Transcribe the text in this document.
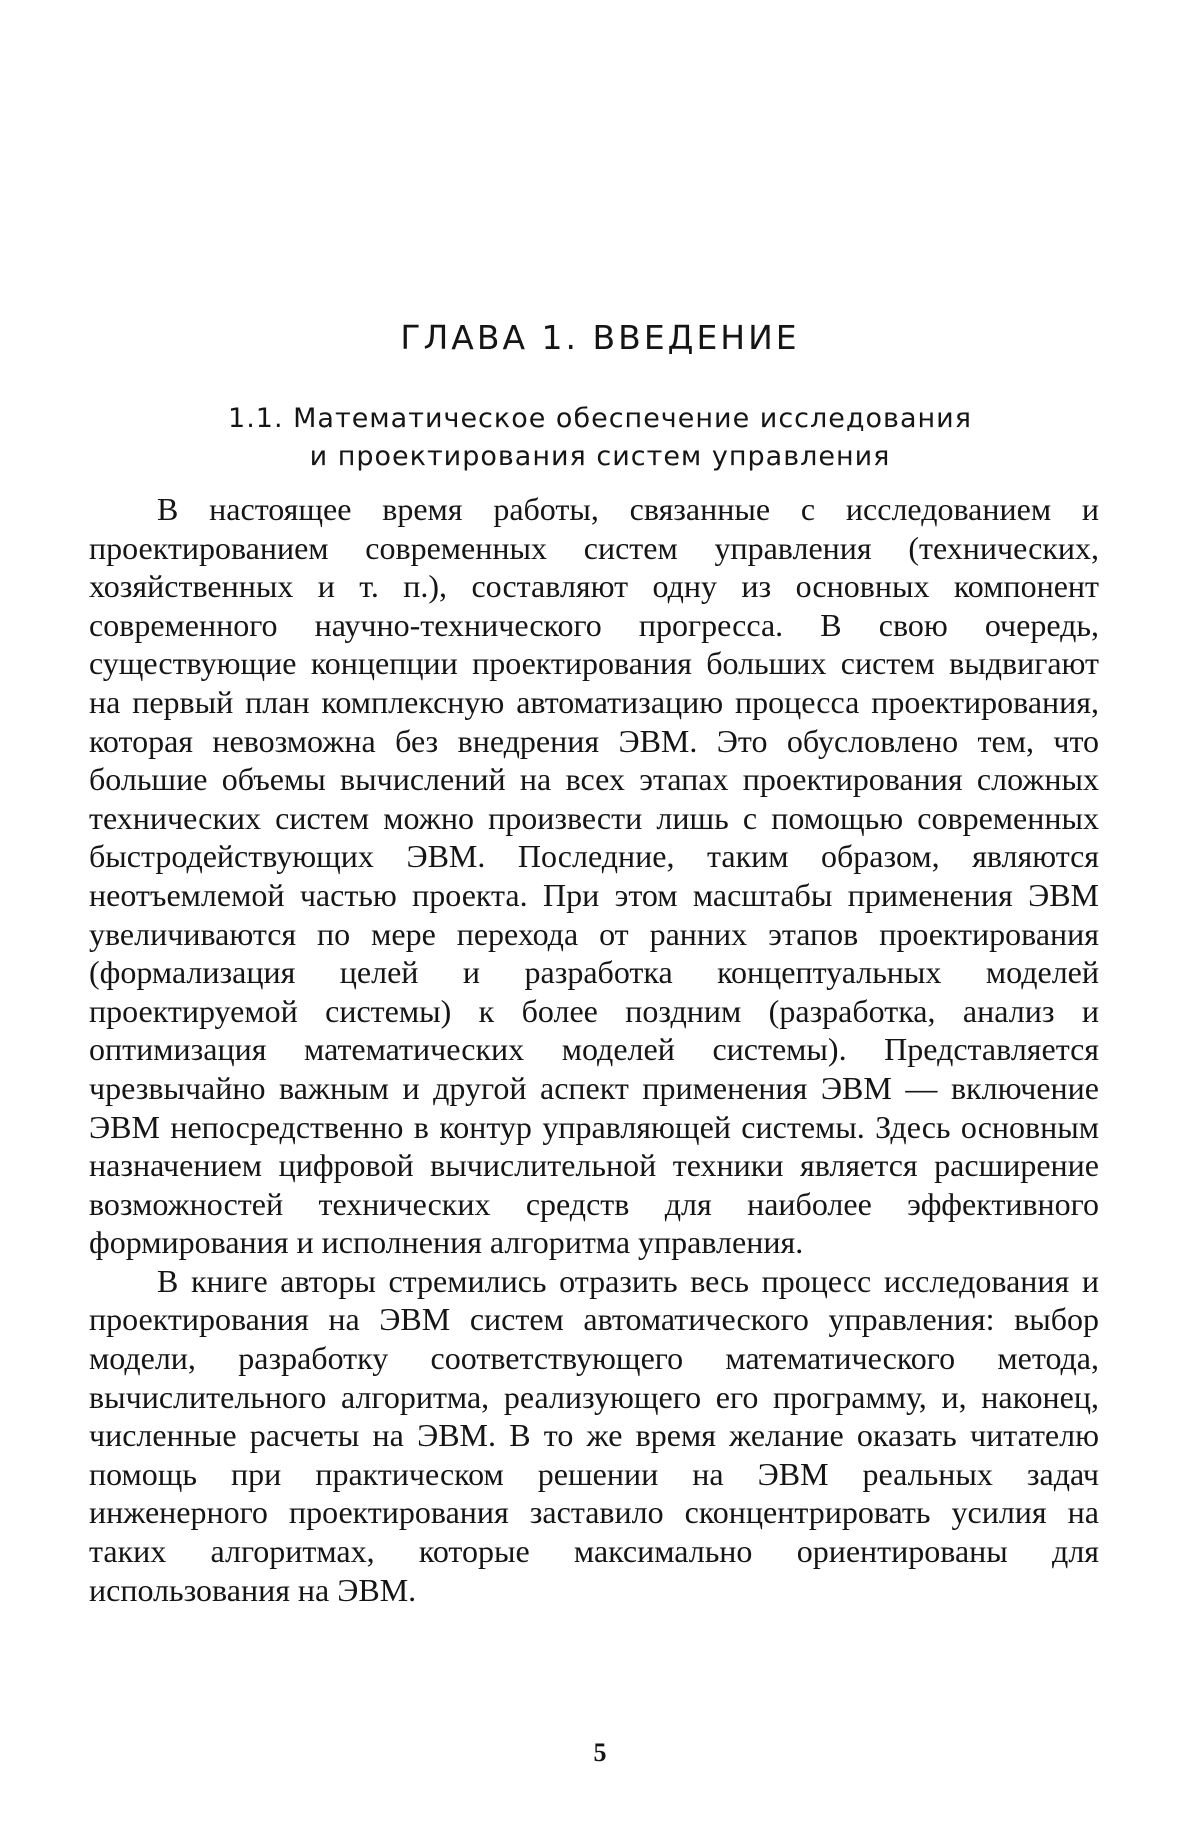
ГЛАВА 1. ВВЕДЕНИЕ
1.1. Математическое обеспечение исследования
и проектирования систем управления

В настоящее время работы, связанные с исследованием и проектированием современных систем управления (технических, хозяйственных и т. п.), составляют одну из основных компонент современного научно-технического прогресса. В свою очередь, существующие концепции проектирования больших систем выдвигают на первый план комплексную автоматизацию процесса проектирования, которая невозможна без внедрения ЭВМ. Это обусловлено тем, что большие объемы вычислений на всех этапах проектирования сложных технических систем можно произвести лишь с помощью современных быстродействующих ЭВМ. Последние, таким образом, являются неотъемлемой частью проекта. При этом масштабы применения ЭВМ увеличиваются по мере перехода от ранних этапов проектирования (формализация целей и разработка концептуальных моделей проектируемой системы) к более поздним (разработка, анализ и оптимизация математических моделей системы). Представляется чрезвычайно важным и другой аспект применения ЭВМ — включение ЭВМ непосредственно в контур управляющей системы. Здесь основным назначением цифровой вычислительной техники является расширение возможностей технических средств для наиболее эффективного формирования и исполнения алгоритма управления.

В книге авторы стремились отразить весь процесс исследования и проектирования на ЭВМ систем автоматического управления: выбор модели, разработку соответствующего математического метода, вычислительного алгоритма, реализующего его программу, и, наконец, численные расчеты на ЭВМ. В то же время желание оказать читателю помощь при практическом решении на ЭВМ реальных задач инженерного проектирования заставило сконцентрировать усилия на таких алгоритмах, которые максимально ориентированы для использования на ЭВМ.

5
